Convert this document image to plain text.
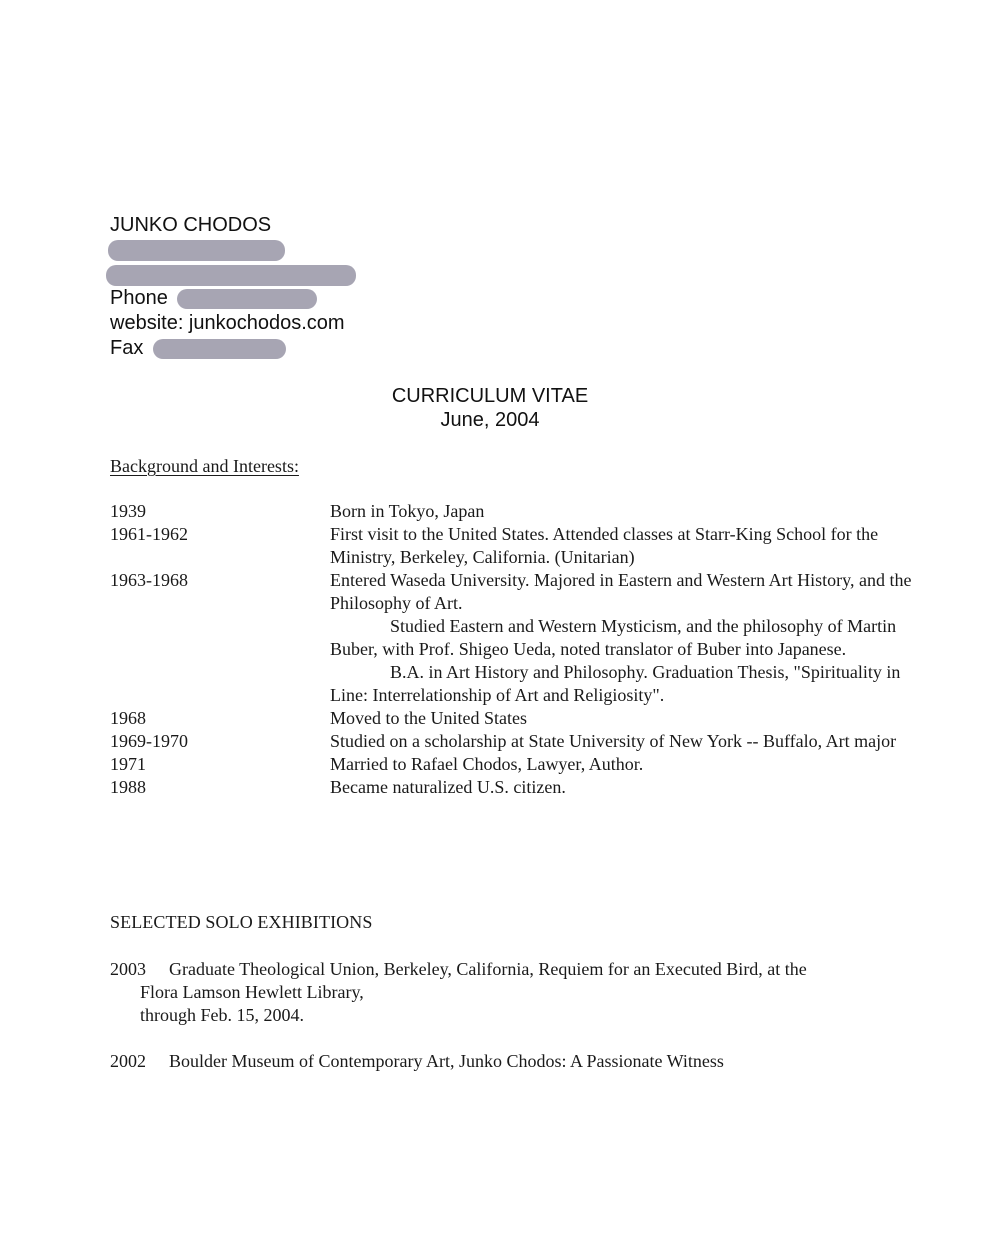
JUNKO CHODOS
Phone
website: junkochodos.com
Fax
CURRICULUM VITAE
June, 2004
Background and Interests:
1939	Born in Tokyo, Japan

1961-1962	First visit to the United States. Attended classes at Starr-King School for the Ministry, Berkeley, California. (Unitarian)

1963-1968	Entered Waseda University. Majored in Eastern and Western Art History, and the Philosophy of Art.

Studied Eastern and Western Mysticism, and the philosophy of Martin Buber, with Prof. Shigeo Ueda, noted translator of Buber into Japanese.

B.A. in Art History and Philosophy. Graduation Thesis, "Spirituality in Line: Interrelationship of Art and Religiosity".

1968	Moved to the United States

1969-1970	Studied on a scholarship at State University of New York -- Buffalo, Art major

1971	Married to Rafael Chodos, Lawyer, Author.

1988	Became naturalized U.S. citizen.

SELECTED SOLO EXHIBITIONS
2003 Graduate Theological Union, Berkeley, California, Requiem for an Executed Bird, at the
Flora Lamson Hewlett Library,
through Feb. 15, 2004.
2002 Boulder Museum of Contemporary Art, Junko Chodos: A Passionate Witness
